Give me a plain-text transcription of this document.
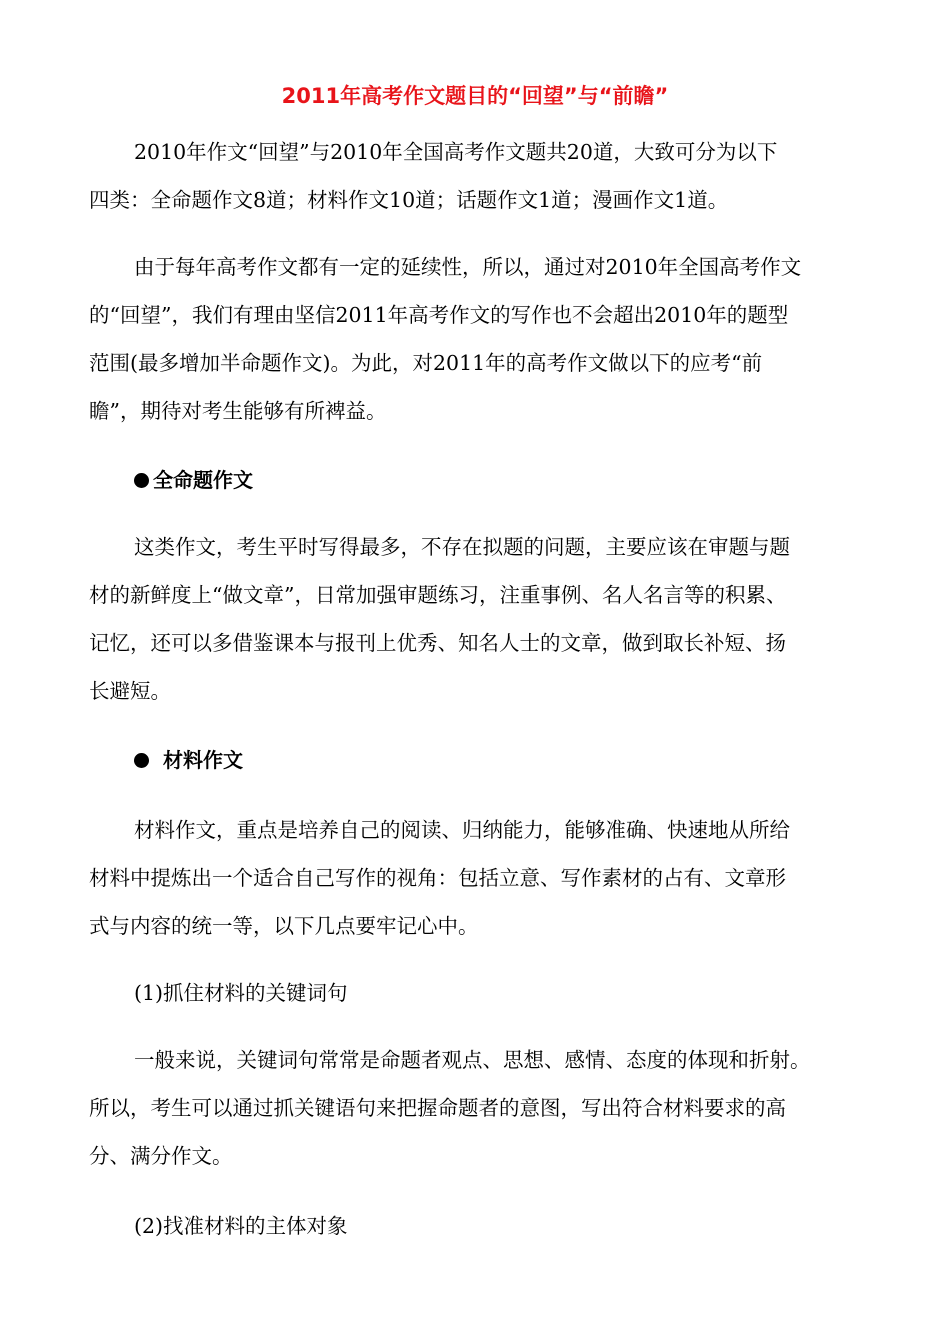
2011年高考作文题目的“回望”与“前瞻”
2010年作文“回望”与2010年全国高考作文题共20道，大致可分为以下
四类：全命题作文8道；材料作文10道；话题作文1道；漫画作文1道。
由于每年高考作文都有一定的延续性，所以，通过对2010年全国高考作文
的“回望”，我们有理由坚信2011年高考作文的写作也不会超出2010年的题型
范围(最多增加半命题作文)。为此，对2011年的高考作文做以下的应考“前
瞻”，期待对考生能够有所裨益。
全命题作文
这类作文，考生平时写得最多，不存在拟题的问题，主要应该在审题与题
材的新鲜度上“做文章”，日常加强审题练习，注重事例、名人名言等的积累、
记忆，还可以多借鉴课本与报刊上优秀、知名人士的文章，做到取长补短、扬
长避短。
材料作文
材料作文，重点是培养自己的阅读、归纳能力，能够准确、快速地从所给
材料中提炼出一个适合自己写作的视角：包括立意、写作素材的占有、文章形
式与内容的统一等，以下几点要牢记心中。
(1)抓住材料的关键词句
一般来说，关键词句常常是命题者观点、思想、感情、态度的体现和折射。
所以，考生可以通过抓关键语句来把握命题者的意图，写出符合材料要求的高
分、满分作文。
(2)找准材料的主体对象
